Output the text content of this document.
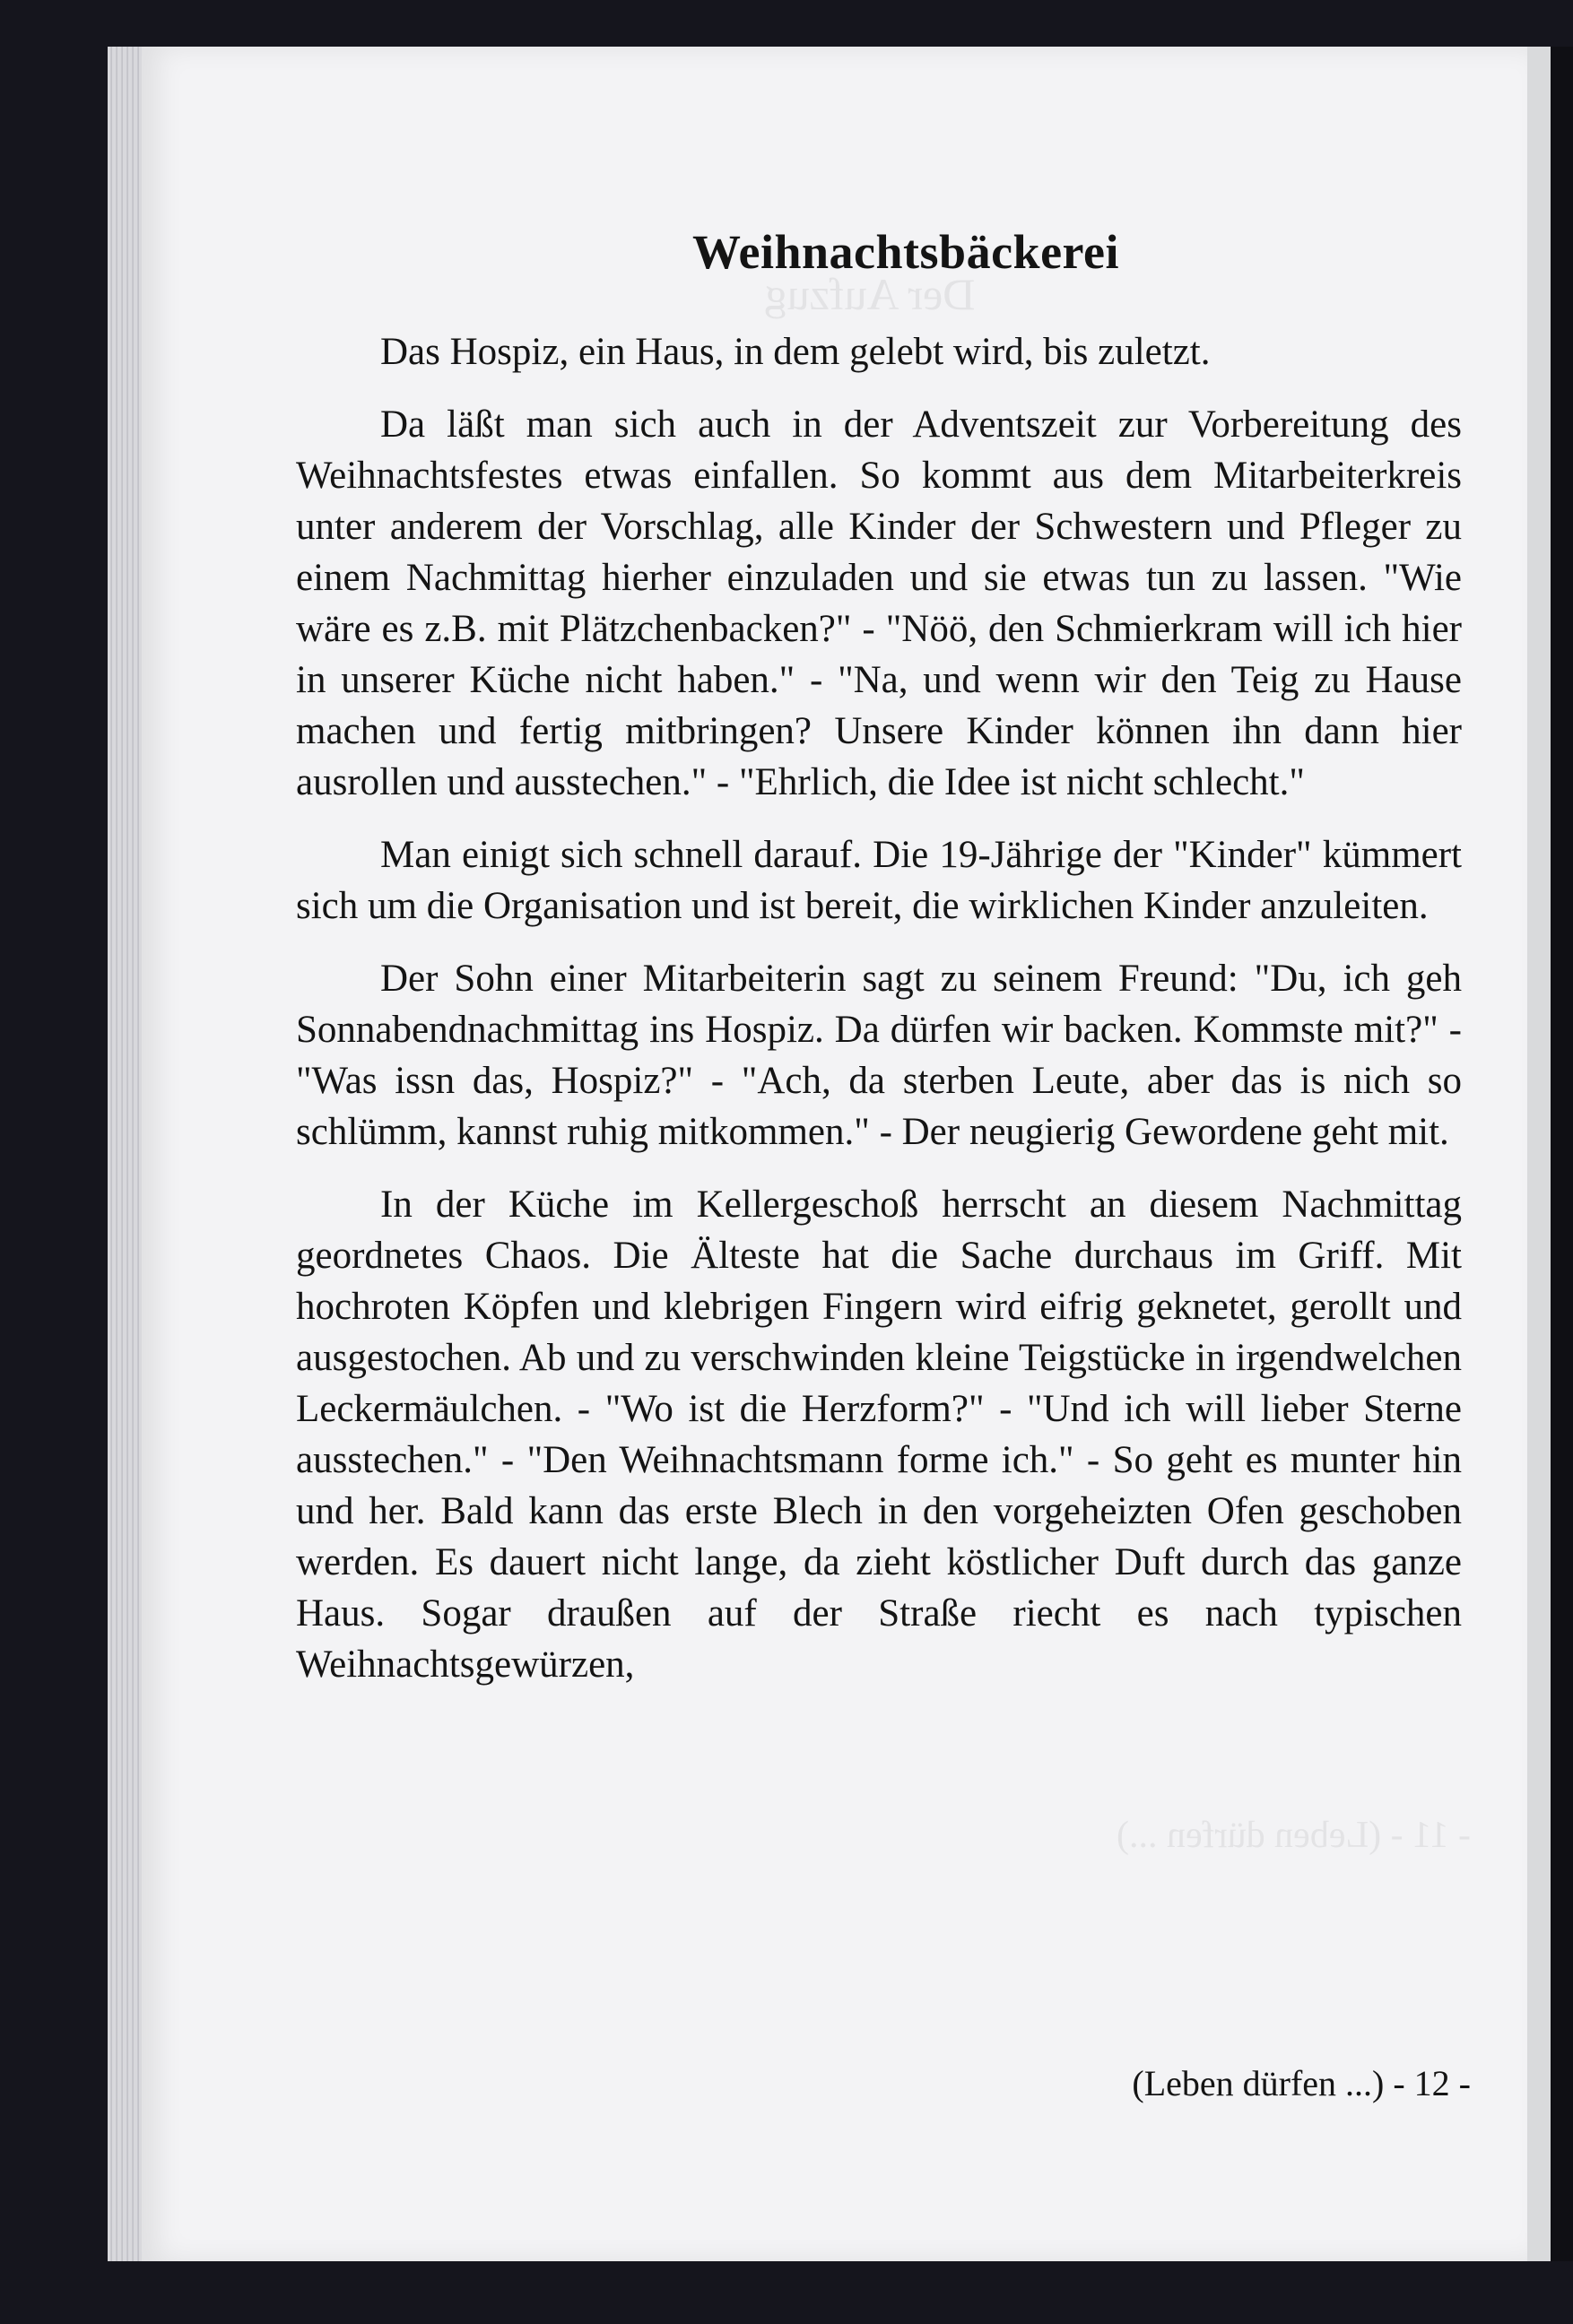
Weihnachtsbäckerei

Das Hospiz, ein Haus, in dem gelebt wird, bis zuletzt.

Da läßt man sich auch in der Adventszeit zur Vorbereitung des Weihnachtsfestes etwas einfallen. So kommt aus dem Mitarbeiterkreis unter anderem der Vorschlag, alle Kinder der Schwestern und Pfleger zu einem Nachmittag hierher einzuladen und sie etwas tun zu lassen. "Wie wäre es z.B. mit Plätzchenbacken?" - "Nöö, den Schmierkram will ich hier in unserer Küche nicht haben." - "Na, und wenn wir den Teig zu Hause machen und fertig mitbringen? Unsere Kinder können ihn dann hier ausrollen und ausstechen." - "Ehrlich, die Idee ist nicht schlecht."

Man einigt sich schnell darauf. Die 19-Jährige der "Kinder" kümmert sich um die Organisation und ist bereit, die wirklichen Kinder anzuleiten.

Der Sohn einer Mitarbeiterin sagt zu seinem Freund: "Du, ich geh Sonnabendnachmittag ins Hospiz. Da dürfen wir backen. Kommste mit?" - "Was issn das, Hospiz?" - "Ach, da sterben Leute, aber das is nich so schlümm, kannst ruhig mitkommen." - Der neugierig Gewordene geht mit.

In der Küche im Kellergeschoß herrscht an diesem Nachmittag geordnetes Chaos. Die Älteste hat die Sache durchaus im Griff. Mit hochroten Köpfen und klebrigen Fingern wird eifrig geknetet, gerollt und ausgestochen. Ab und zu verschwinden kleine Teigstücke in irgendwelchen Leckermäulchen. - "Wo ist die Herzform?" - "Und ich will lieber Sterne ausstechen." - "Den Weihnachtsmann forme ich." - So geht es munter hin und her. Bald kann das erste Blech in den vorgeheizten Ofen geschoben werden. Es dauert nicht lange, da zieht köstlicher Duft durch das ganze Haus. Sogar draußen auf der Straße riecht es nach typischen Weihnachtsgewürzen,

(Leben dürfen ...) - 12 -
